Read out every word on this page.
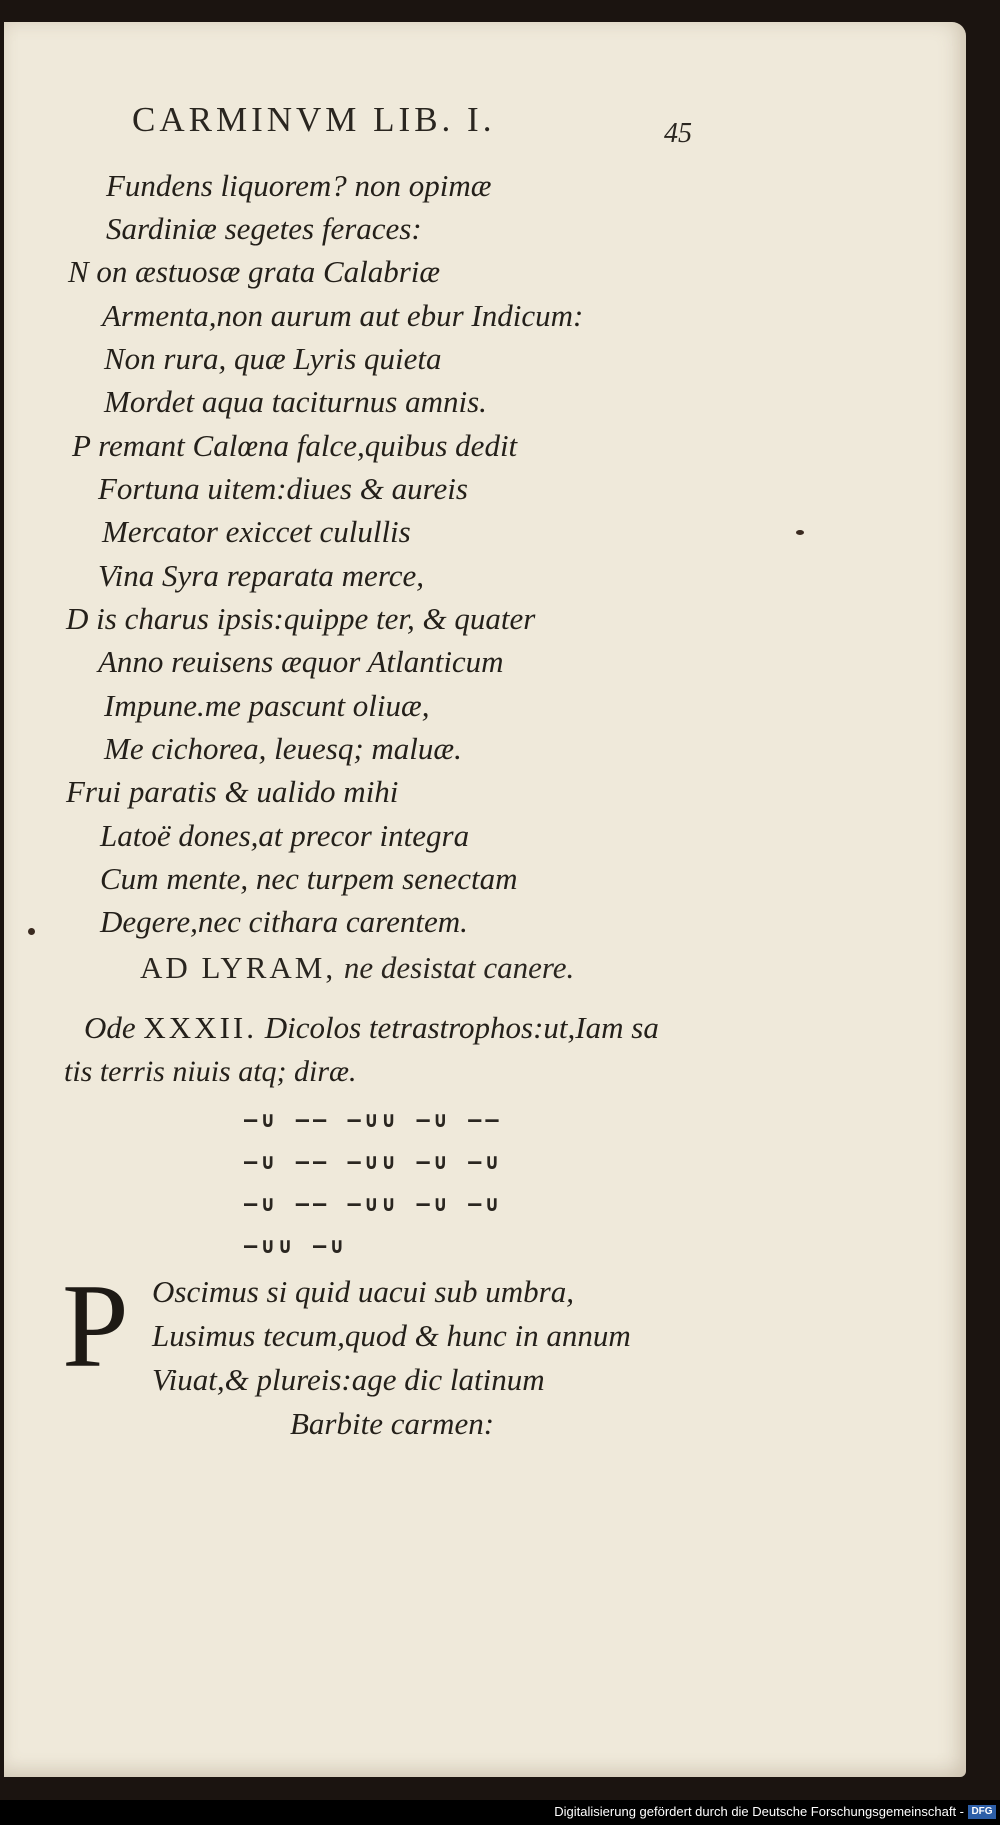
CARMINVM LIB. I.	45
Fundens liquorem? non opimæ
Sardiniæ segetes feraces:
N on æstuosæ grata Calabriæ
Armenta,non aurum aut ebur Indicum:
Non rura, quæ Lyris quieta
Mordet aqua taciturnus amnis.
P remant Calœna falce,quibus dedit
Fortuna uitem:diues & aureis
Mercator exiccet culullis
Vina Syra reparata merce,
D is charus ipsis:quippe ter, & quater
Anno reuisens æquor Atlanticum
Impune.me pascunt oliuæ,
Me cichorea, leuesq; maluæ.
Frui paratis & ualido mihi
Latoë dones,at precor integra
Cum mente, nec turpem senectam
Degere,nec cithara carentem.
AD LYRAM, ne desistat canere.
Ode XXXII. Dicolos tetrastrophos:ut,Iam sa
tis terris niuis atq; diræ.
–∪ –– –∪∪ –∪ ––
–∪ –– –∪∪ –∪ –∪
–∪ –– –∪∪ –∪ –∪
–∪∪ –∪
P Oscimus si quid uacui sub umbra,
Lusimus tecum,quod & hunc in annum
Viuat,& plureis:age dic latinum
Barbite carmen:
Digitalisierung gefördert durch die Deutsche Forschungsgemeinschaft - DFG
